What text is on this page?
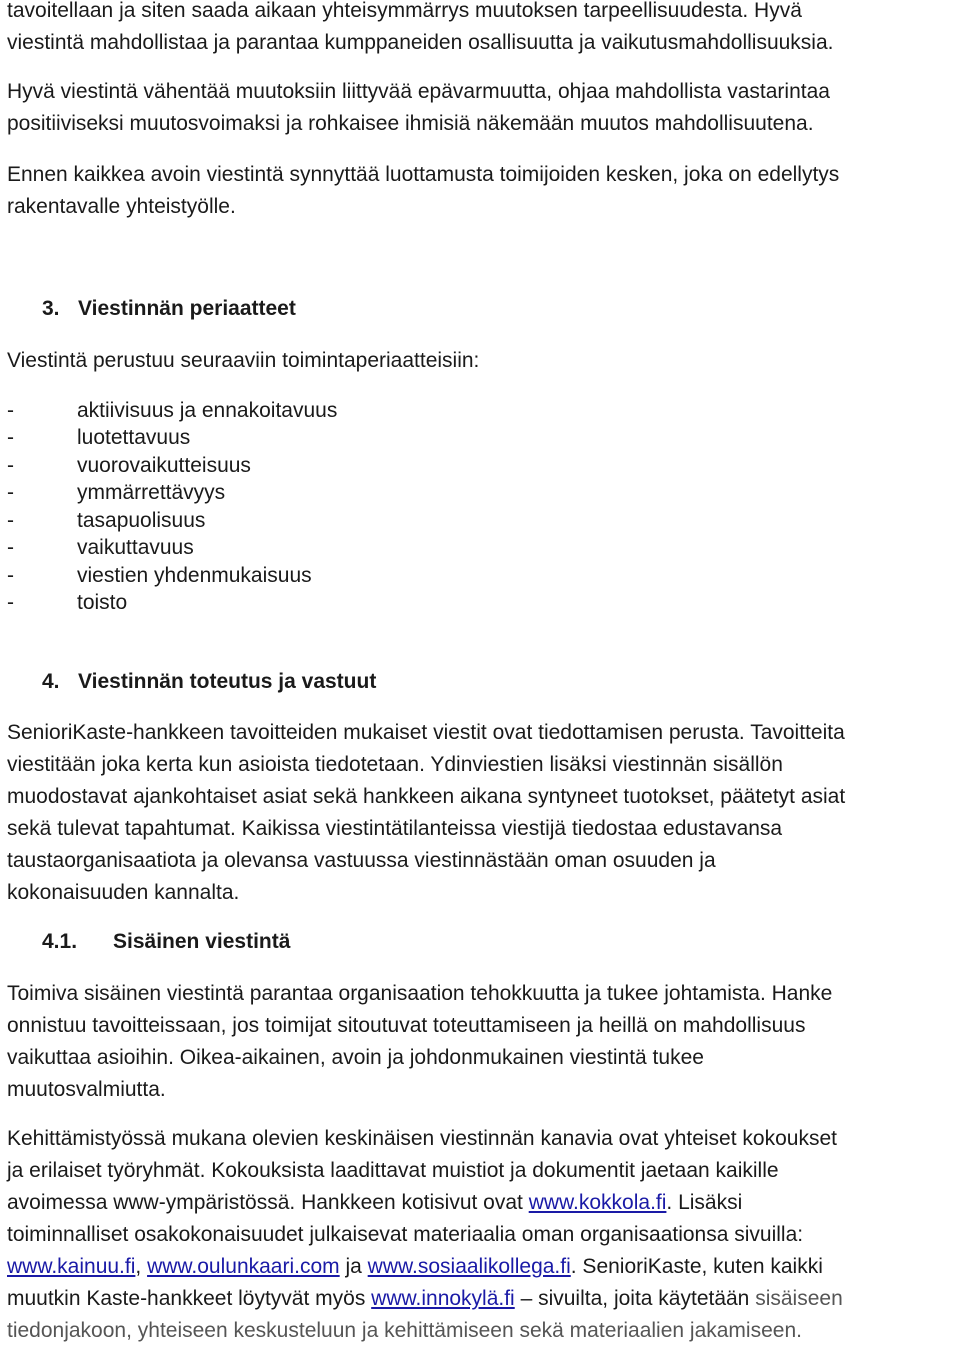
tavoitellaan ja siten saada aikaan yhteisymmärrys muutoksen tarpeellisuudesta. Hyvä
viestintä mahdollistaa ja parantaa kumppaneiden osallisuutta ja vaikutusmahdollisuuksia.
Hyvä viestintä vähentää muutoksiin liittyvää epävarmuutta, ohjaa mahdollista vastarintaa
positiiviseksi muutosvoimaksi ja rohkaisee ihmisiä näkemään muutos mahdollisuutena.
Ennen kaikkea avoin viestintä synnyttää luottamusta toimijoiden kesken, joka on edellytys
rakentavalle yhteistyölle.
3. Viestinnän periaatteet
Viestintä perustuu seuraaviin toimintaperiaatteisiin:
-	aktiivisuus ja ennakoitavuus
-	luotettavuus
-	vuorovaikutteisuus
-	ymmärrettävyys
-	tasapuolisuus
-	vaikuttavuus
-	viestien yhdenmukaisuus
-	toisto
4. Viestinnän toteutus ja vastuut
SenioriKaste-hankkeen tavoitteiden mukaiset viestit ovat tiedottamisen perusta. Tavoitteita
viestitään joka kerta kun asioista tiedotetaan. Ydinviestien lisäksi viestinnän sisällön
muodostavat ajankohtaiset asiat sekä hankkeen aikana syntyneet tuotokset, päätetyt asiat
sekä tulevat tapahtumat. Kaikissa viestintätilanteissa viestijä tiedostaa edustavansa
taustaorganisaatiota ja olevansa vastuussa viestinnästään oman osuuden ja
kokonaisuuden kannalta.
4.1. Sisäinen viestintä
Toimiva sisäinen viestintä parantaa organisaation tehokkuutta ja tukee johtamista. Hanke
onnistuu tavoitteissaan, jos toimijat sitoutuvat toteuttamiseen ja heillä on mahdollisuus
vaikuttaa asioihin. Oikea-aikainen, avoin ja johdonmukainen viestintä tukee
muutosvalmiutta.
Kehittämistyössä mukana olevien keskinäisen viestinnän kanavia ovat yhteiset kokoukset
ja erilaiset työryhmät. Kokouksista laadittavat muistiot ja dokumentit jaetaan kaikille
avoimessa www-ympäristössä. Hankkeen kotisivut ovat www.kokkola.fi. Lisäksi
toiminnalliset osakokonaisuudet julkaisevat materiaalia oman organisaationsa sivuilla:
www.kainuu.fi, www.oulunkaari.com ja www.sosiaalikollega.fi. SenioriKaste, kuten kaikki
muutkin Kaste-hankkeet löytyvät myös www.innokylä.fi – sivuilta, joita käytetään sisäiseen
tiedonjakoon, yhteiseen keskusteluun ja kehittämiseen sekä materiaalien jakamiseen.
